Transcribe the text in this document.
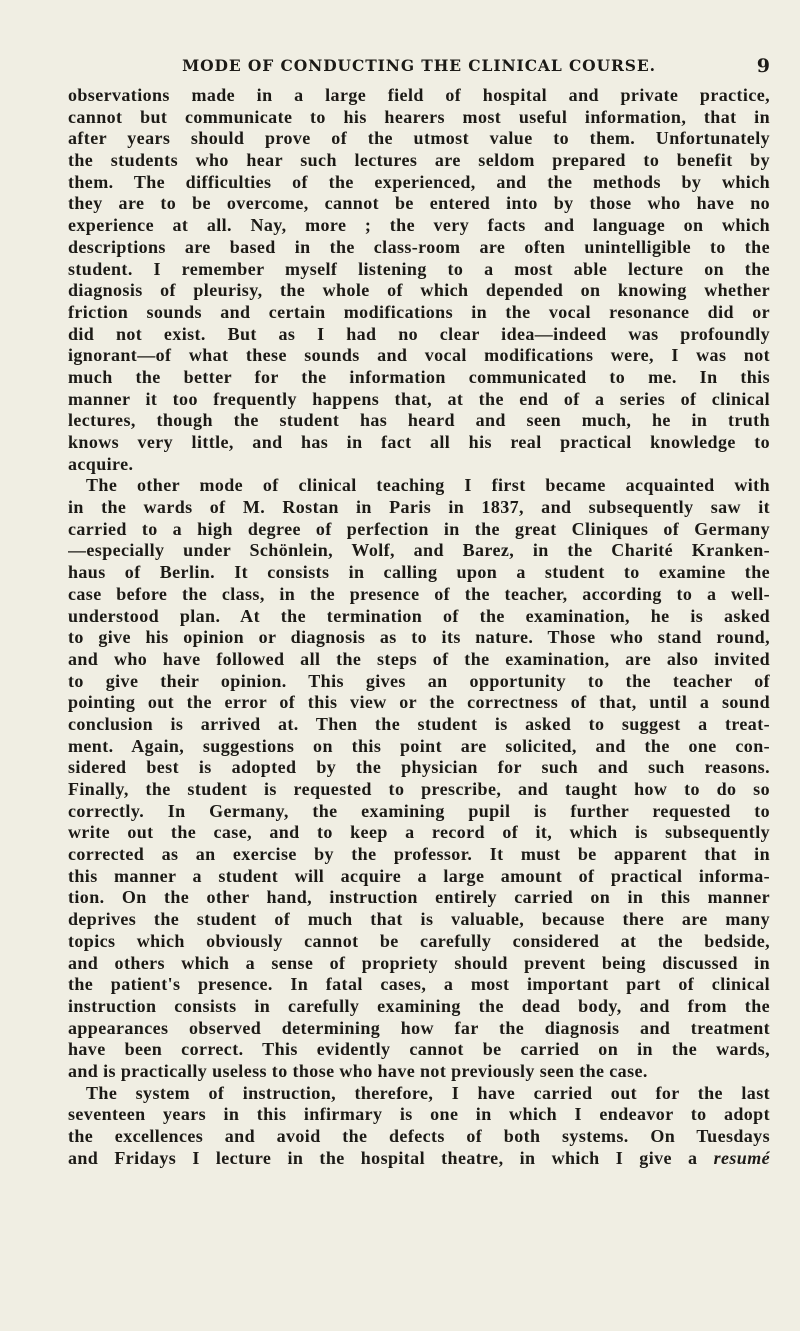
MODE OF CONDUCTING THE CLINICAL COURSE.	9
observations made in a large field of hospital and private practice,
cannot but communicate to his hearers most useful information, that in
after years should prove of the utmost value to them. Unfortunately
the students who hear such lectures are seldom prepared to benefit by
them. The difficulties of the experienced, and the methods by which
they are to be overcome, cannot be entered into by those who have no
experience at all. Nay, more ; the very facts and language on which
descriptions are based in the class-room are often unintelligible to the
student. I remember myself listening to a most able lecture on the
diagnosis of pleurisy, the whole of which depended on knowing whether
friction sounds and certain modifications in the vocal resonance did or
did not exist. But as I had no clear idea—indeed was profoundly
ignorant—of what these sounds and vocal modifications were, I was not
much the better for the information communicated to me. In this
manner it too frequently happens that, at the end of a series of clinical
lectures, though the student has heard and seen much, he in truth
knows very little, and has in fact all his real practical knowledge to
acquire.
The other mode of clinical teaching I first became acquainted with
in the wards of M. Rostan in Paris in 1837, and subsequently saw it
carried to a high degree of perfection in the great Cliniques of Germany
—especially under Schönlein, Wolf, and Barez, in the Charité Kranken-
haus of Berlin. It consists in calling upon a student to examine the
case before the class, in the presence of the teacher, according to a well-
understood plan. At the termination of the examination, he is asked
to give his opinion or diagnosis as to its nature. Those who stand round,
and who have followed all the steps of the examination, are also invited
to give their opinion. This gives an opportunity to the teacher of
pointing out the error of this view or the correctness of that, until a sound
conclusion is arrived at. Then the student is asked to suggest a treat-
ment. Again, suggestions on this point are solicited, and the one con-
sidered best is adopted by the physician for such and such reasons.
Finally, the student is requested to prescribe, and taught how to do so
correctly. In Germany, the examining pupil is further requested to
write out the case, and to keep a record of it, which is subsequently
corrected as an exercise by the professor. It must be apparent that in
this manner a student will acquire a large amount of practical informa-
tion. On the other hand, instruction entirely carried on in this manner
deprives the student of much that is valuable, because there are many
topics which obviously cannot be carefully considered at the bedside,
and others which a sense of propriety should prevent being discussed in
the patient's presence. In fatal cases, a most important part of clinical
instruction consists in carefully examining the dead body, and from the
appearances observed determining how far the diagnosis and treatment
have been correct. This evidently cannot be carried on in the wards,
and is practically useless to those who have not previously seen the case.
The system of instruction, therefore, I have carried out for the last
seventeen years in this infirmary is one in which I endeavor to adopt
the excellences and avoid the defects of both systems. On Tuesdays
and Fridays I lecture in the hospital theatre, in which I give a resumé
